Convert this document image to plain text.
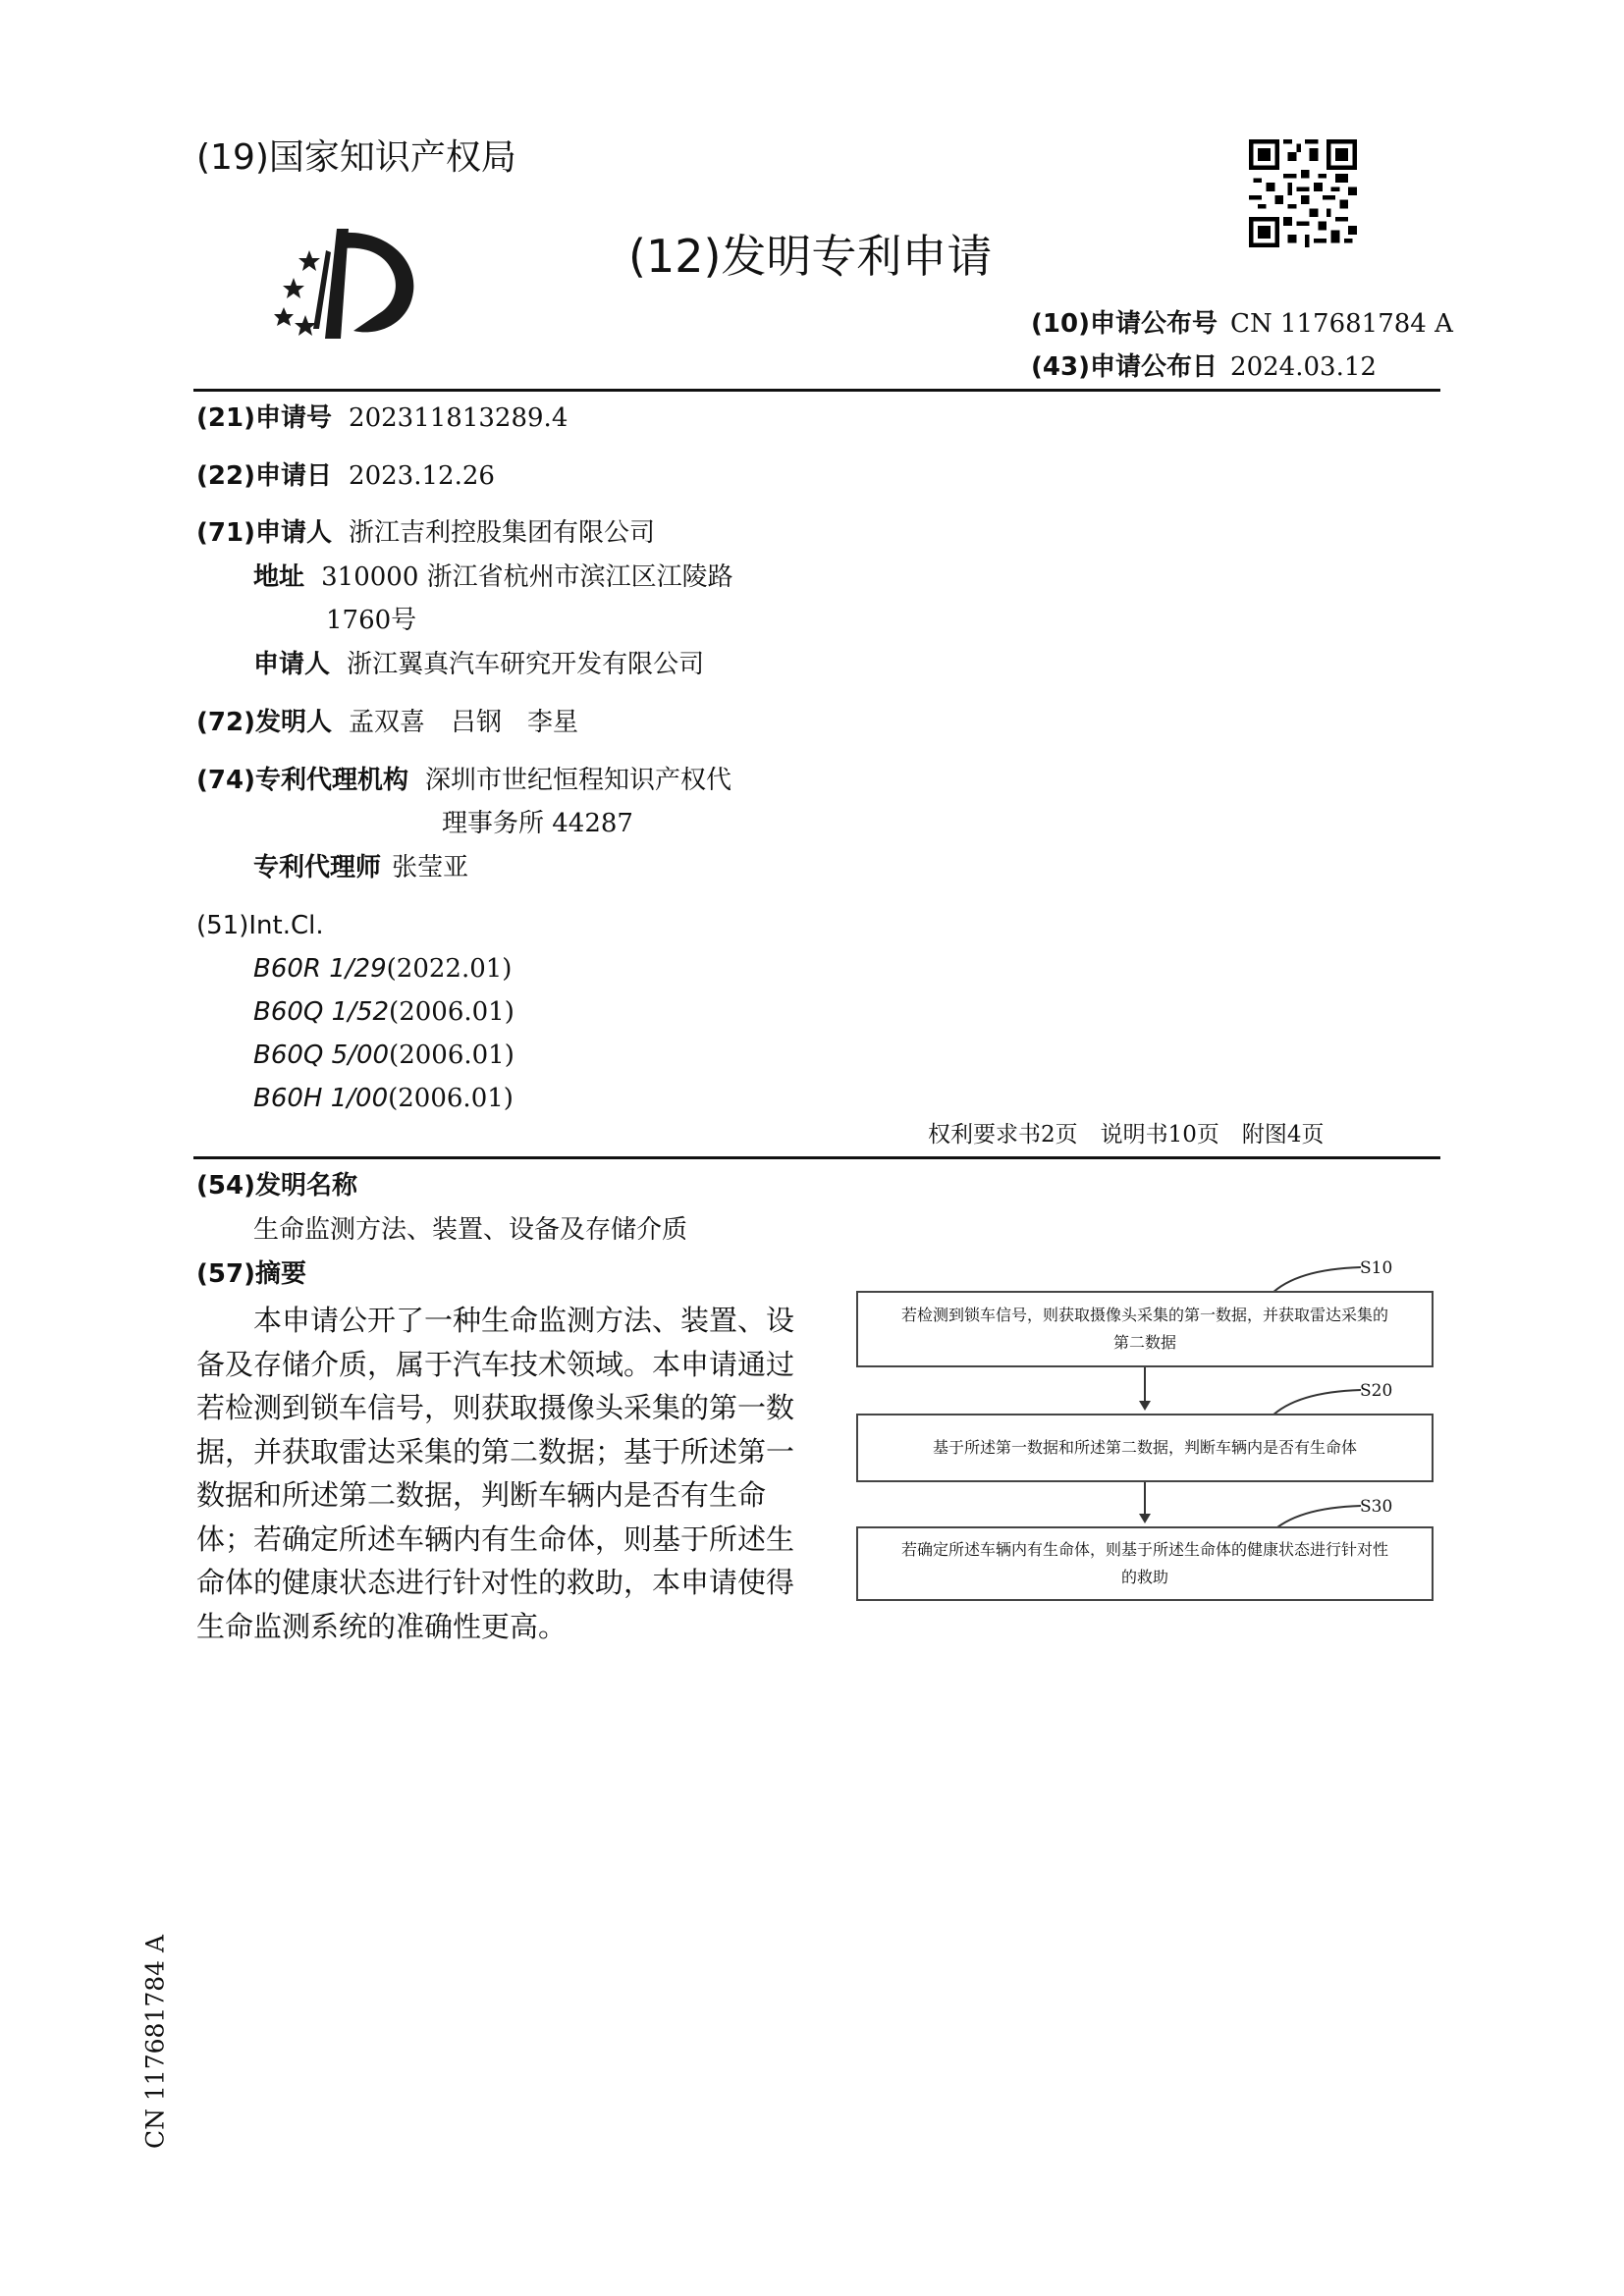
(19)国家知识产权局
(12)发明专利申请
(10)申请公布号 CN 117681784 A
(43)申请公布日 2024.03.12
(21)申请号 202311813289.4
(22)申请日 2023.12.26
(71)申请人 浙江吉利控股集团有限公司
地址 310000 浙江省杭州市滨江区江陵路
1760号
申请人 浙江翼真汽车研究开发有限公司
(72)发明人 孟双喜　吕钢　李星
(74)专利代理机构 深圳市世纪恒程知识产权代
理事务所 44287
专利代理师 张莹亚
(51)Int.Cl.
B60R 1/29(2022.01)
B60Q 1/52(2006.01)
B60Q 5/00(2006.01)
B60H 1/00(2006.01)
权利要求书2页　说明书10页　附图4页
(54)发明名称
生命监测方法、装置、设备及存储介质
(57)摘要
本申请公开了一种生命监测方法、装置、设
备及存储介质，属于汽车技术领域。本申请通过
若检测到锁车信号，则获取摄像头采集的第一数
据，并获取雷达采集的第二数据；基于所述第一
数据和所述第二数据，判断车辆内是否有生命
体；若确定所述车辆内有生命体，则基于所述生
命体的健康状态进行针对性的救助，本申请使得
生命监测系统的准确性更高。
S10
若检测到锁车信号，则获取摄像头采集的第一数据，并获取雷达采集的
第二数据
S20
基于所述第一数据和所述第二数据，判断车辆内是否有生命体
S30
若确定所述车辆内有生命体，则基于所述生命体的健康状态进行针对性
的救助
CN 117681784 A
